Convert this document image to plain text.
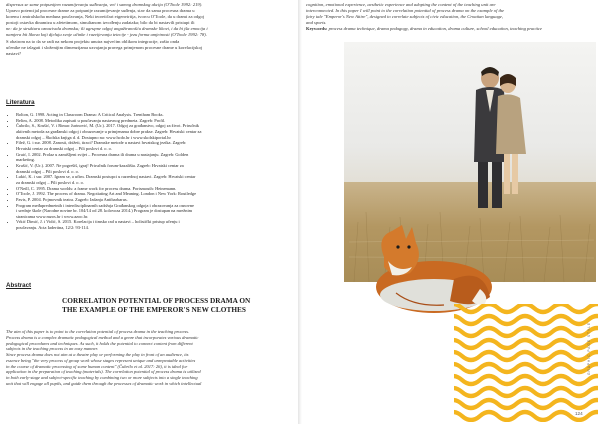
dispersus se same potpunijem razumijevanju suđivanja, već i samog dramskog akcija (O'Toole 1992: 219).

Upravo potencijal procesne drame za potpunije razumijevanje suđenja, stav da sama procesna drama u

korenu i zmiralskoha meduna poučavanja, Neki teoretičari eigenvirtija, tvorcu O'Toole, da u drami za odgoj

postoji ostavka dinamizu u afetetimom, simultanom izvođenju zadataka; bilo da bi nastavili pristupi ili

ne: da je strukturu oznacivala dramsku; ili ugrupne odgoj angažiranošću dramske likovi, i da bi jša emocija i

namjera bit likova koji djeluju svoje učinke i razvijevanju tetecije - jezu forma umjetnosti (O'Toole 1992: 78).

S obzirom na to da se radi na nekom projektu unutra najvećim oblikom integracije, zašto onda

učenike ne izlagati i složenijim dimenzijama uzvajanja pravega primjenom procesne drame u korelacijskoj

nastavi?

Literatura
• Bolton, G. 1998. Acting in Classroom Drama: A Critical Analysis. Trentham Books.
• Belim, A. 2008. Metodika zapisati u poučavanju nastavnog predmeta. Zagreb: Profil.
• Čubrilo, S., Krušić, V. i Rimac Jurinović, M. (Ur.). 2017. Odgoj za građanstvo, odgoj za život. Priručnik
aktivnih metoda za građanski odgoj i obrazovanje u primjenama dobre prakse. Zagreb: Hrvatski centar za
dramski odgoj – Školska knjiga d. d. Dostupno na: www.hcdo.hr i www.skolskiportal.hr
• Filež, G. i sur. 2008. Zanosti, drižeti, tiraci? Dramske metode u nastavi hrvatskog jezika. Zagreb:
Hrvatski centar za dramski odgoj – Pili poslovi d. o. o.
• Gruić, I. 2002. Prolaz u zamišljeni svijet – Procesna drama ili drama u nastajanju. Zagreb: Golden
marketing.
• Krušić, V. (Ur.). 2007. Ne pogrešiš, igraj! Priručnik forum-kazališta. Zagreb: Hrvatski centar za
dramski odgoj – Pili poslovi d. o. o.
• Lukić, K. i sur. 2007. Igram se, a učim. Dramski postupci u razrednoj nastavi. Zagreb: Hrvatski centar
za dramski odgoj – Pili poslovi d. o. o.
• O'Neill, C. 1995. Drama worlds: a frame work for process drama. Portsmouth: Heinemann.
• O'Toole, J. 1992. The process of drama. Negotiating Art and Meaning. London i New York: Routledge
• Pavis, P. 2004. Pojmovnik teatra. Zagreb: Izdanja Antibarbarus.
• Program međupredmetnih i interdisciplinarnih sadržaja Građanskog odgoja i obrazovanja za osnovne
i srednje škole (Narodne novine br. 104/14 od 28. kolovoza 2014.) Program je dostupan na mrežnim
stranicama www.mzos.hr i www.azoo.hr.
• Vrkić Dimić, J. i Vidić, S. 2015. Korelacija i timsko rad u nastavi – holistički pristup učenju i
poučavanju. Acta Iadertina, 12/2: 93-114.
Abstract
CORRELATION POTENTIAL OF PROCESS DRAMA ON THE EXAMPLE OF THE EMPEROR'S NEW CLOTHES

The aim of this paper is to point to the correlation potential of process drama in the teaching process.

Process drama is a complex dramatic pedagogical method and a genre that incorporates various dramatic

pedagogical procedures and techniques. As such, it holds the potential to connect content from different

subjects in the teaching process in an easy manner.

Since process drama does not aim at a theatre play or performing the play in front of an audience, its

essence being "the very process of group work whose stages represent unique and unrepeatable activities

in the course of dramatic processing of some human content" (Čubrilo et al. 2017: 26), it is ideal for

application in the preparation of teaching (materials). The correlation potential of process drama is utilized

in both early-stage and subject-specific teaching by combining two or more subjects into a single teaching

unit that will engage all pupils, and guide them through the processes of dramatic work in which intellectual

cognition, emotional experience, aesthetic experience and adopting the content of the teaching unit are

interconnected. In this paper I will point to the correlation potential of process drama on the example of the

fairy tale "Emperor's New Attire", designed to correlate subjects of civic education, the Croatian language,

and sports.

Keywords: process drama technique, drama pedagogy, drama in education, drama culture, school education, teaching practice

GRAPHIC PAGE STYLE
124
